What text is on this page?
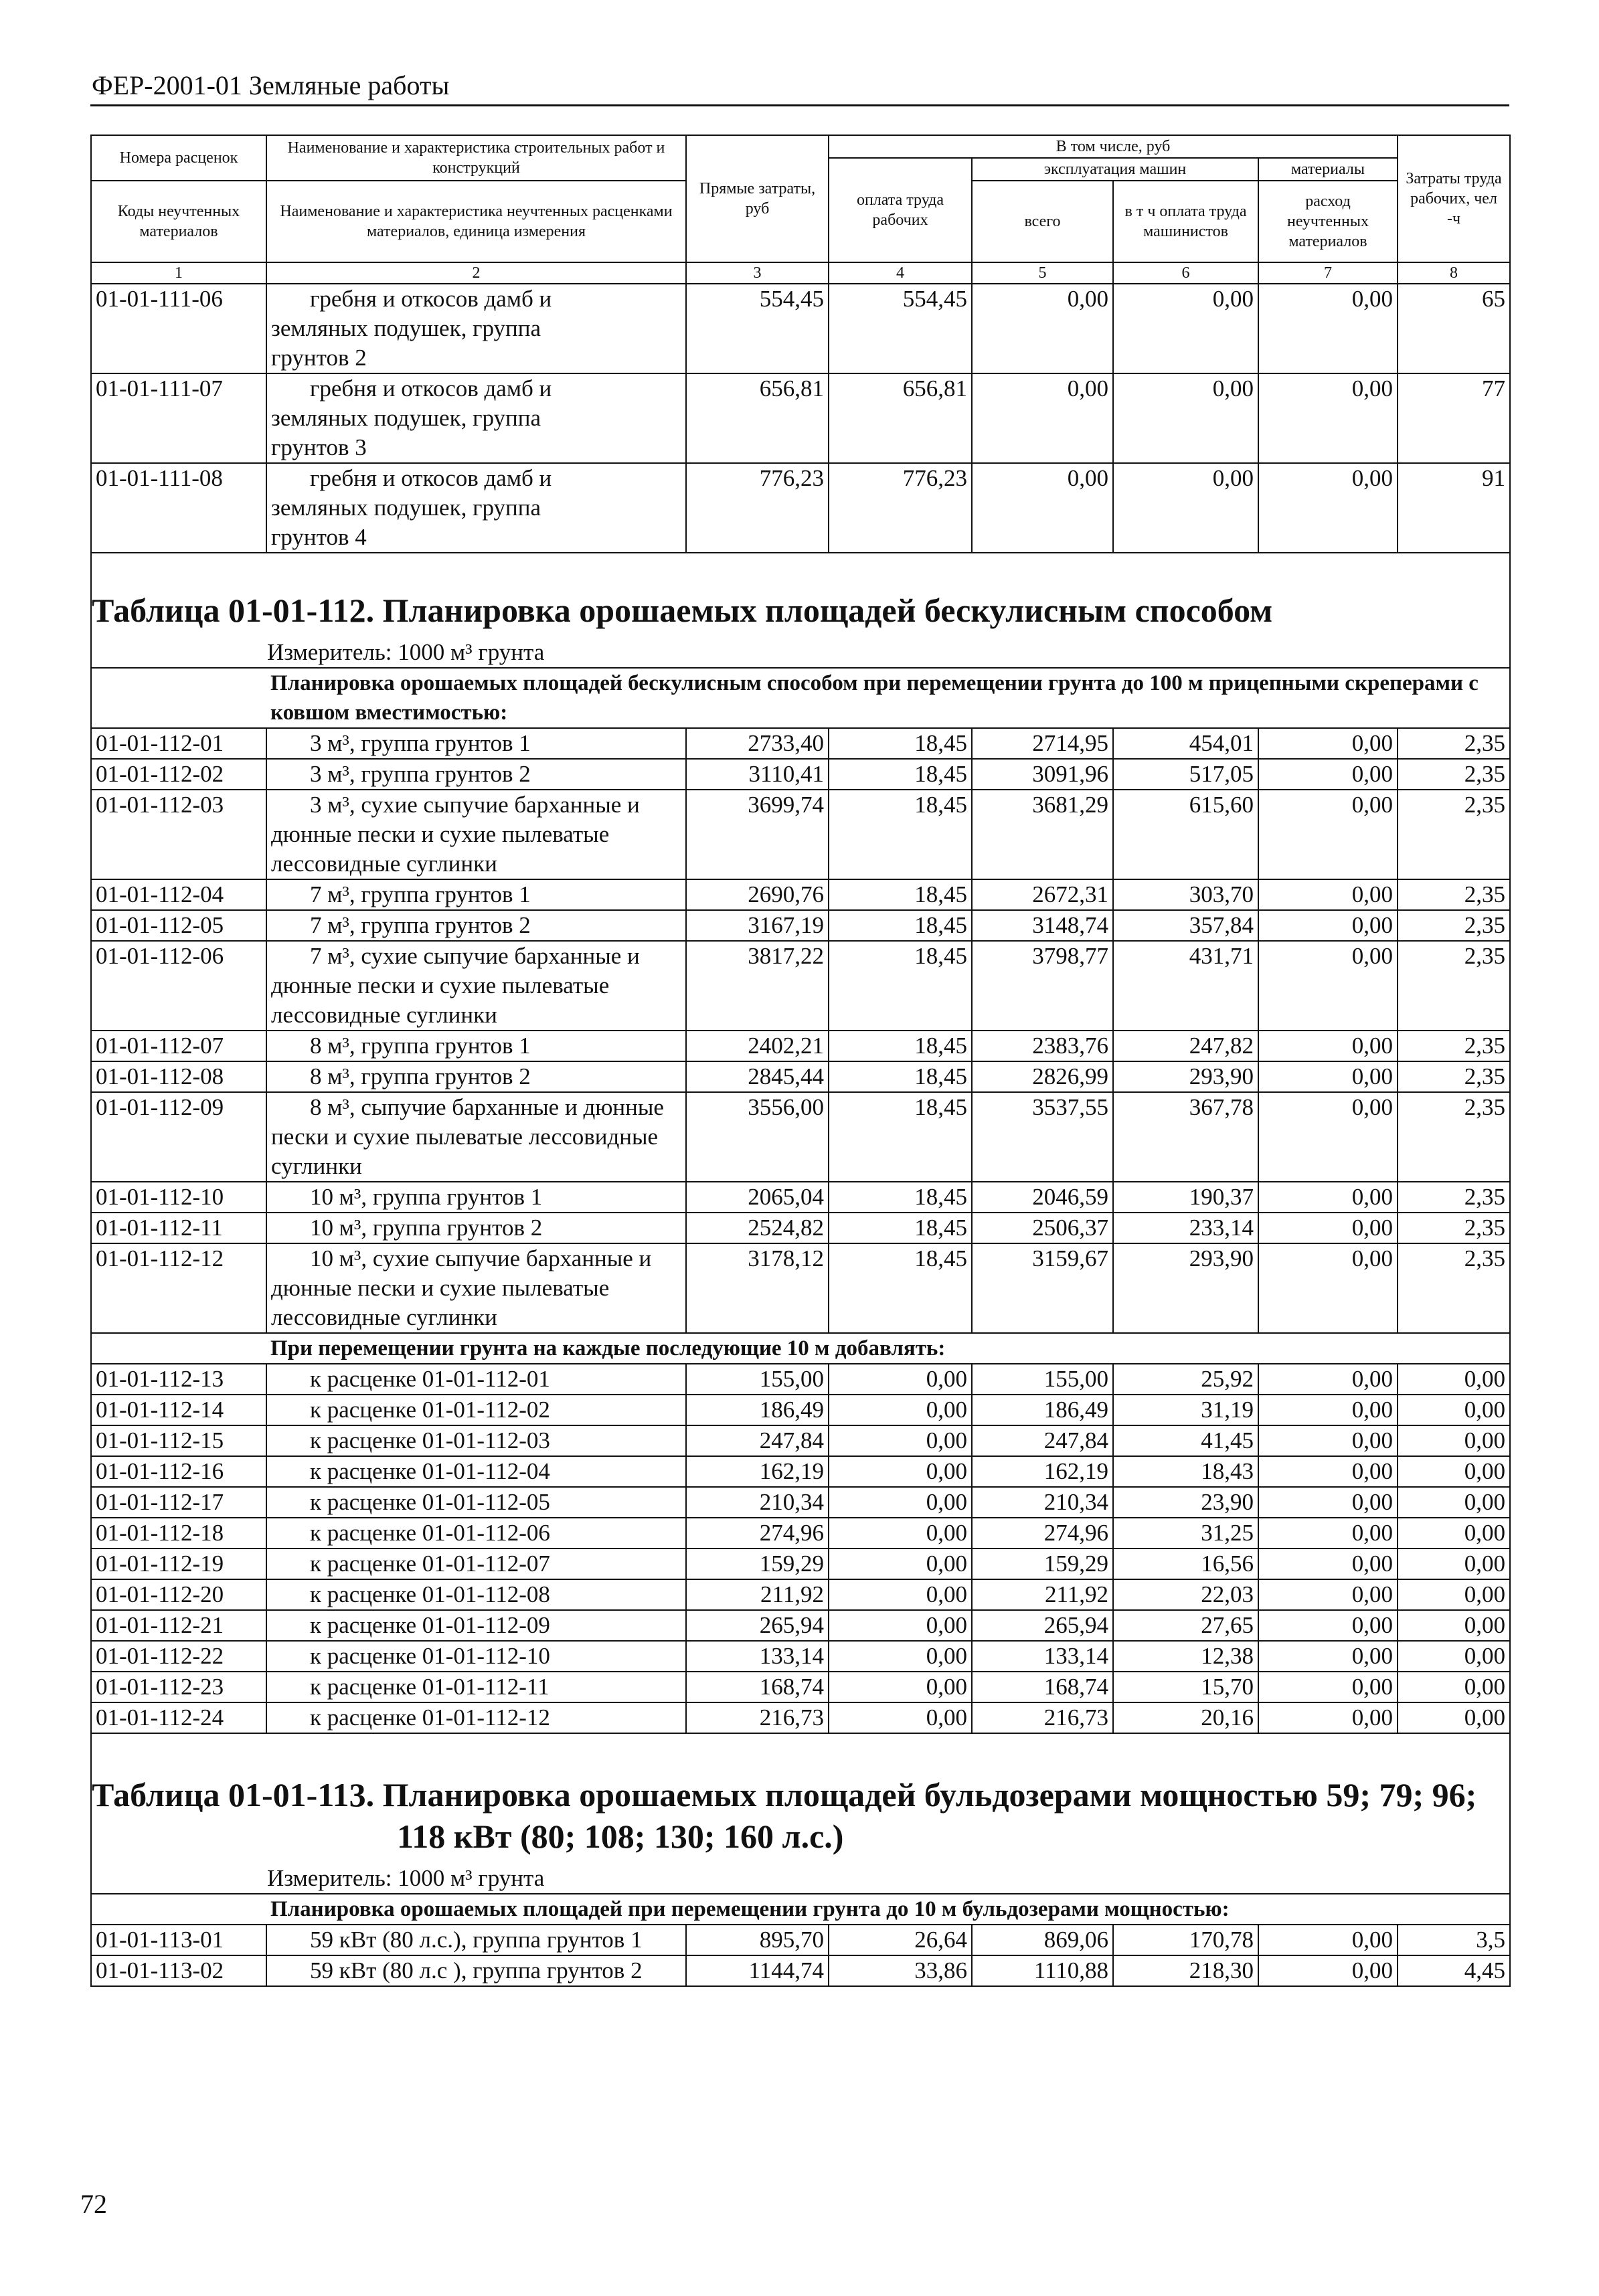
ФЕР-2001-01 Земляные работы
Номера расценок	Наименование и характеристика строительных работ и конструкций	Прямые затраты, руб	В том числе, руб				Затраты труда рабочих, чел -ч
			оплата труда рабочих	эксплуатация машин		материалы	
Коды неучтенных материалов	Наименование и характеристика неучтенных расценками материалов, единица измерения			всего	в т ч оплата труда машинистов	расход неучтенных материалов	

1	2	3	4	5	6	7	8
01-01-111-06	гребня и откосов дамб и
земляных подушек, группа
грунтов 2	554,45	554,45	0,00	0,00	0,00	65
01-01-111-07	гребня и откосов дамб и
земляных подушек, группа
грунтов 3	656,81	656,81	0,00	0,00	0,00	77
01-01-111-08	гребня и откосов дамб и
земляных подушек, группа
грунтов 4	776,23	776,23	0,00	0,00	0,00	91

Таблица 01-01-112. Планировка орошаемых площадей бескулисным способом
Измеритель: 1000 м³ грунта							

	Планировка орошаемых площадей бескулисным способом при перемещении грунта до 100 м прицепными скреперами с ковшом вместимостью:						
01-01-112-01	3 м³, группа грунтов 1	2733,40	18,45	2714,95	454,01	0,00	2,35
01-01-112-02	3 м³, группа грунтов 2	3110,41	18,45	3091,96	517,05	0,00	2,35
01-01-112-03	3 м³, сухие сыпучие барханные и дюнные пески и сухие пылеватые лессовидные суглинки	3699,74	18,45	3681,29	615,60	0,00	2,35
01-01-112-04	7 м³, группа грунтов 1	2690,76	18,45	2672,31	303,70	0,00	2,35
01-01-112-05	7 м³, группа грунтов 2	3167,19	18,45	3148,74	357,84	0,00	2,35
01-01-112-06	7 м³, сухие сыпучие барханные и дюнные пески и сухие пылеватые лессовидные суглинки	3817,22	18,45	3798,77	431,71	0,00	2,35
01-01-112-07	8 м³, группа грунтов 1	2402,21	18,45	2383,76	247,82	0,00	2,35
01-01-112-08	8 м³, группа грунтов 2	2845,44	18,45	2826,99	293,90	0,00	2,35
01-01-112-09	8 м³, сыпучие барханные и дюнные пески и сухие пылеватые лессовидные суглинки	3556,00	18,45	3537,55	367,78	0,00	2,35
01-01-112-10	10 м³, группа грунтов 1	2065,04	18,45	2046,59	190,37	0,00	2,35
01-01-112-11	10 м³, группа грунтов 2	2524,82	18,45	2506,37	233,14	0,00	2,35
01-01-112-12	10 м³, сухие сыпучие барханные и дюнные пески и сухие пылеватые лессовидные суглинки	3178,12	18,45	3159,67	293,90	0,00	2,35
	При перемещении грунта на каждые последующие 10 м добавлять:						
01-01-112-13	к расценке 01-01-112-01	155,00	0,00	155,00	25,92	0,00	0,00
01-01-112-14	к расценке 01-01-112-02	186,49	0,00	186,49	31,19	0,00	0,00
01-01-112-15	к расценке 01-01-112-03	247,84	0,00	247,84	41,45	0,00	0,00
01-01-112-16	к расценке 01-01-112-04	162,19	0,00	162,19	18,43	0,00	0,00
01-01-112-17	к расценке 01-01-112-05	210,34	0,00	210,34	23,90	0,00	0,00
01-01-112-18	к расценке 01-01-112-06	274,96	0,00	274,96	31,25	0,00	0,00
01-01-112-19	к расценке 01-01-112-07	159,29	0,00	159,29	16,56	0,00	0,00
01-01-112-20	к расценке 01-01-112-08	211,92	0,00	211,92	22,03	0,00	0,00
01-01-112-21	к расценке 01-01-112-09	265,94	0,00	265,94	27,65	0,00	0,00
01-01-112-22	к расценке 01-01-112-10	133,14	0,00	133,14	12,38	0,00	0,00
01-01-112-23	к расценке 01-01-112-11	168,74	0,00	168,74	15,70	0,00	0,00
01-01-112-24	к расценке 01-01-112-12	216,73	0,00	216,73	20,16	0,00	0,00

Таблица 01-01-113. Планировка орошаемых площадей бульдозерами мощностью 59; 79; 96;
118 кВт (80; 108; 130; 160 л.с.)
Измеритель: 1000 м³ грунта							

	Планировка орошаемых площадей при перемещении грунта до 10 м бульдозерами мощностью:						
01-01-113-01	59 кВт (80 л.с.), группа грунтов 1	895,70	26,64	869,06	170,78	0,00	3,5
01-01-113-02	59 кВт (80 л.с ), группа грунтов 2	1144,74	33,86	1110,88	218,30	0,00	4,45
72
